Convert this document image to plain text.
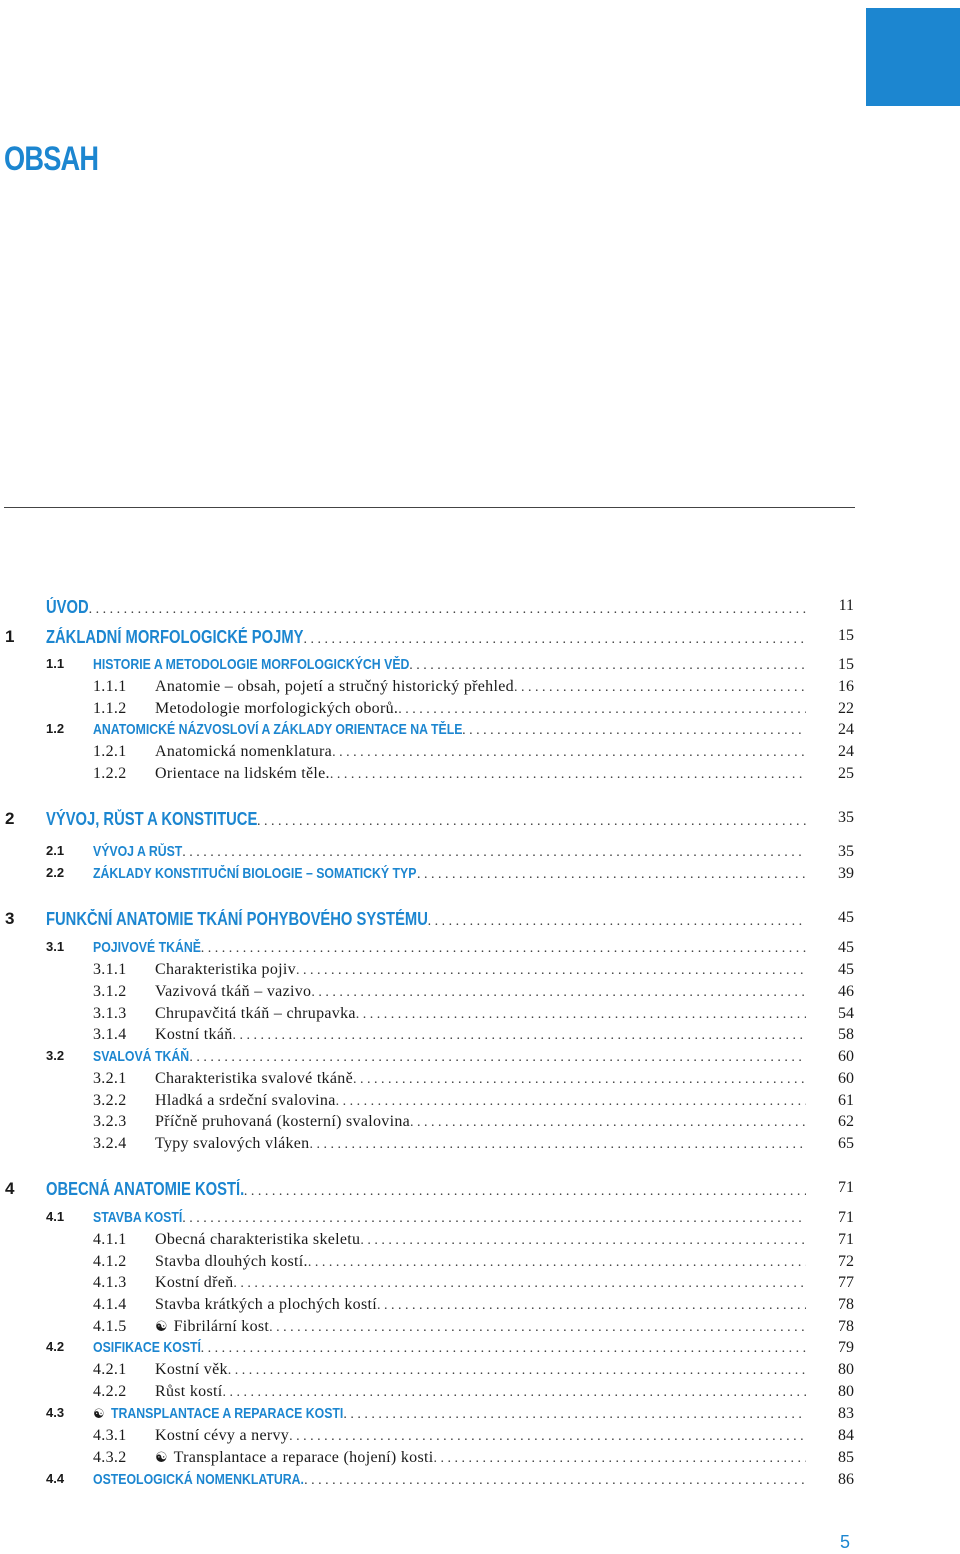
OBSAH
ÚVOD . . .	11
1 ZÁKLADNÍ MORFOLOGICKÉ POJMY . . .	15
1.1 HISTORIE A METODOLOGIE MORFOLOGICKÝCH VĚD . . .	15
1.1.1 Anatomie – obsah, pojetí a stručný historický přehled . . .	16
1.1.2 Metodologie morfologických oborů. . . .	22
1.2 ANATOMICKÉ NÁZVOSLOVÍ A ZÁKLADY ORIENTACE NA TĚLE . . .	24
1.2.1 Anatomická nomenklatura . . .	24
1.2.2 Orientace na lidském těle. . . .	25
2 VÝVOJ, RŮST A KONSTITUCE . . .	35
2.1 VÝVOJ A RŮST . . .	35
2.2 ZÁKLADY KONSTITUČNÍ BIOLOGIE – SOMATICKÝ TYP . . .	39
3 FUNKČNÍ ANATOMIE TKÁNÍ POHYBOVÉHO SYSTÉMU . . .	45
3.1 POJIVOVÉ TKÁNĚ . . .	45
3.1.1 Charakteristika pojiv . . .	45
3.1.2 Vazivová tkáň – vazivo . . .	46
3.1.3 Chrupavčitá tkáň – chrupavka . . .	54
3.1.4 Kostní tkáň . . .	58
3.2 SVALOVÁ TKÁŇ . . .	60
3.2.1 Charakteristika svalové tkáně . . .	60
3.2.2 Hladká a srdeční svalovina . . .	61
3.2.3 Příčně pruhovaná (kosterní) svalovina . . .	62
3.2.4 Typy svalových vláken . . .	65
4 OBECNÁ ANATOMIE KOSTÍ. . . .	71
4.1 STAVBA KOSTÍ . . .	71
4.1.1 Obecná charakteristika skeletu . . .	71
4.1.2 Stavba dlouhých kostí. . . .	72
4.1.3 Kostní dřeň . . .	77
4.1.4 Stavba krátkých a plochých kostí . . .	78
4.1.5 ☯ Fibrilární kost . . .	78
4.2 OSIFIKACE KOSTÍ . . .	79
4.2.1 Kostní věk . . .	80
4.2.2 Růst kostí . . .	80
4.3 ☯ TRANSPLANTACE A REPARACE KOSTI . . .	83
4.3.1 Kostní cévy a nervy . . .	84
4.3.2 ☯ Transplantace a reparace (hojení) kosti . . .	85
4.4 OSTEOLOGICKÁ NOMENKLATURA. . . .	86
5
